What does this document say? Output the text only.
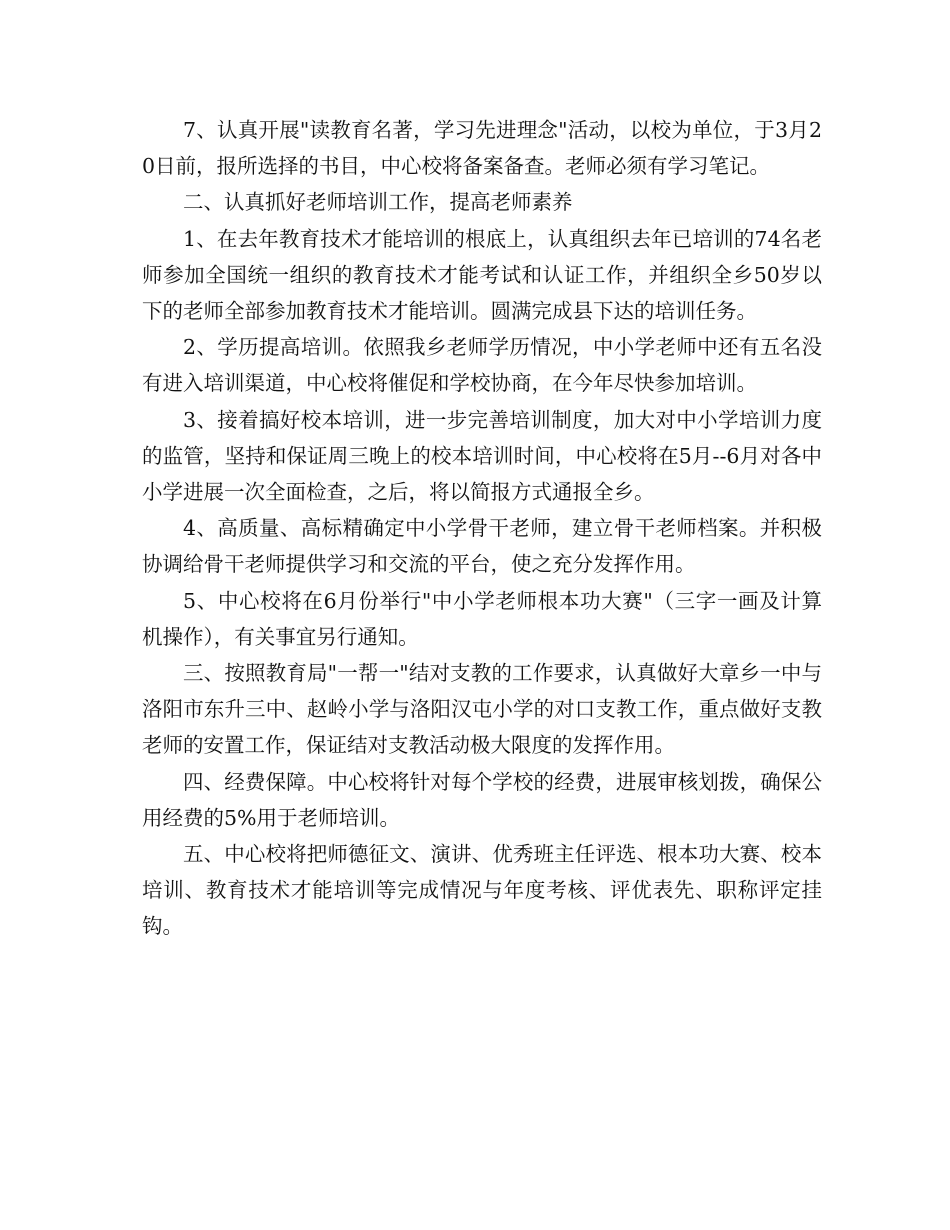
7、认真开展"读教育名著，学习先进理念"活动，以校为单位，于3月20日前，报所选择的书目，中心校将备案备查。老师必须有学习笔记。

二、认真抓好老师培训工作，提高老师素养

1、在去年教育技术才能培训的根底上，认真组织去年已培训的74名老师参加全国统一组织的教育技术才能考试和认证工作，并组织全乡50岁以下的老师全部参加教育技术才能培训。圆满完成县下达的培训任务。

2、学历提高培训。依照我乡老师学历情况，中小学老师中还有五名没有进入培训渠道，中心校将催促和学校协商，在今年尽快参加培训。

3、接着搞好校本培训，进一步完善培训制度，加大对中小学培训力度的监管，坚持和保证周三晚上的校本培训时间，中心校将在5月--6月对各中小学进展一次全面检查，之后，将以简报方式通报全乡。

4、高质量、高标精确定中小学骨干老师，建立骨干老师档案。并积极协调给骨干老师提供学习和交流的平台，使之充分发挥作用。

5、中心校将在6月份举行"中小学老师根本功大赛"（三字一画及计算机操作），有关事宜另行通知。

三、按照教育局"一帮一"结对支教的工作要求，认真做好大章乡一中与洛阳市东升三中、赵岭小学与洛阳汉屯小学的对口支教工作，重点做好支教老师的安置工作，保证结对支教活动极大限度的发挥作用。

四、经费保障。中心校将针对每个学校的经费，进展审核划拨，确保公用经费的5%用于老师培训。

五、中心校将把师德征文、演讲、优秀班主任评选、根本功大赛、校本培训、教育技术才能培训等完成情况与年度考核、评优表先、职称评定挂钩。
